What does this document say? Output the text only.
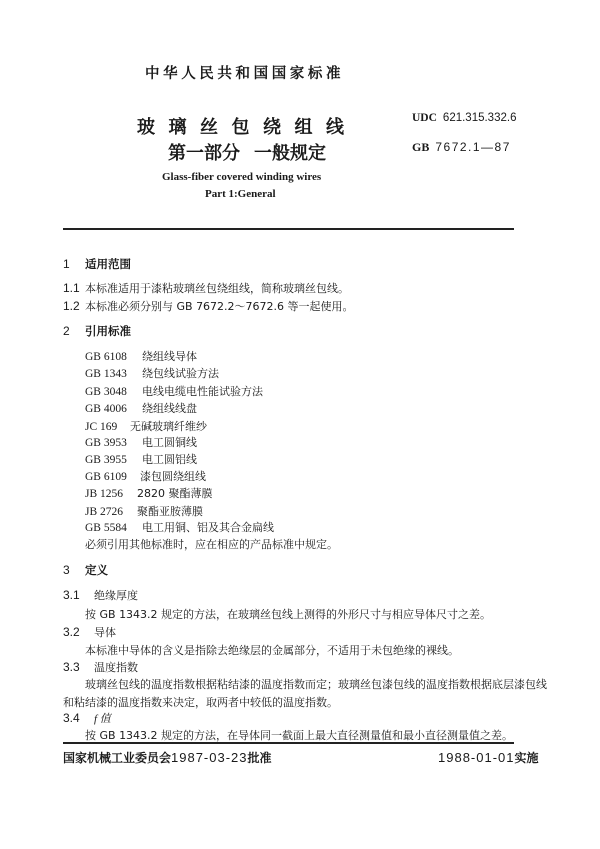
中华人民共和国国家标准
玻璃丝包绕组线
第一部分 一般规定
UDC 621.315.332.6
GB 7672.1—87
Glass-fiber covered winding wires
Part 1:General
1 适用范围
1.1 本标准适用于漆粘玻璃丝包绕组线，简称玻璃丝包线。
1.2 本标准必须分别与 GB 7672.2～7672.6 等一起使用。
2 引用标准
GB 6108 绕组线导体
GB 1343 绕包线试验方法
GB 3048 电线电缆电性能试验方法
GB 4006 绕组线线盘
JC 169 无碱玻璃纤维纱
GB 3953 电工圆铜线
GB 3955 电工圆铝线
GB 6109 漆包圆绕组线
JB 1256 2820 聚酯薄膜
JB 2726 聚酯亚胺薄膜
GB 5584 电工用铜、铝及其合金扁线
必须引用其他标准时，应在相应的产品标准中规定。
3 定义
3.1 绝缘厚度
按 GB 1343.2 规定的方法，在玻璃丝包线上测得的外形尺寸与相应导体尺寸之差。
3.2 导体
本标准中导体的含义是指除去绝缘层的金属部分，不适用于未包绝缘的裸线。
3.3 温度指数
玻璃丝包线的温度指数根据粘结漆的温度指数而定；玻璃丝包漆包线的温度指数根据底层漆包线
和粘结漆的温度指数来决定，取两者中较低的温度指数。
3.4 f 值
按 GB 1343.2 规定的方法，在导体同一截面上最大直径测量值和最小直径测量值之差。
国家机械工业委员会1987-03-23批准	1988-01-01实施
